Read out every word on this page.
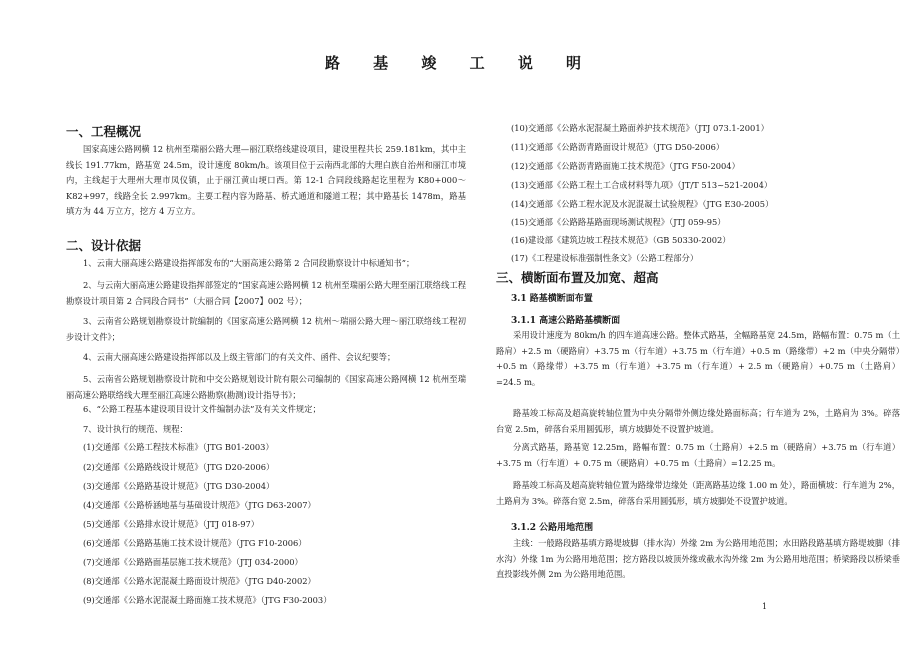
路 基 竣 工 说 明
一、工程概况

国家高速公路网横 12 杭州至瑞丽公路大理—丽江联络线建设项目，建设里程共长 259.181km，其中主线长 191.77km，路基宽 24.5m，设计速度 80km/h。该项目位于云南西北部的大理白族自治州和丽江市境内，主线起于大理州大理市凤仪镇，止于丽江黄山埂口西。第 12-1 合同段线路起讫里程为 K80+000～K82+997，线路全长 2.997km。主要工程内容为路基、桥式通道和隧道工程；其中路基长 1478m，路基填方为 44 万立方，挖方 4 万立方。

二、设计依据

1、云南大丽高速公路建设指挥部发布的“大丽高速公路第 2 合同段勘察设计中标通知书”；

2、与云南大丽高速公路建设指挥部签定的“国家高速公路网横 12 杭州至瑞丽公路大理至丽江联络线工程勘察设计项目第 2 合同段合同书”（大丽合同【2007】002 号）；

3、云南省公路规划勘察设计院编制的《国家高速公路网横 12 杭州～瑞丽公路大理～丽江联络线工程初步设计文件》；

4、云南大丽高速公路建设指挥部以及上级主管部门的有关文件、函件、会议纪要等；

5、云南省公路规划勘察设计院和中交公路规划设计院有限公司编制的《国家高速公路网横 12 杭州至瑞丽高速公路联络线大理至丽江高速公路勘察(勘测)设计指导书》；

6、“公路工程基本建设项目设计文件编制办法”及有关文件规定；

7、设计执行的规范、规程：

(1)交通部《公路工程技术标准》（JTG B01-2003）
(2)交通部《公路路线设计规范》（JTG D20-2006）
(3)交通部《公路路基设计规范》（JTG D30-2004）
(4)交通部《公路桥涵地基与基础设计规范》（JTG D63-2007）
(5)交通部《公路排水设计规范》（JTJ 018-97）
(6)交通部《公路路基施工技术设计规范》（JTG F10-2006）
(7)交通部《公路路面基层施工技术规范》（JTJ 034-2000）
(8)交通部《公路水泥混凝土路面设计规范》（JTG D40-2002）
(9)交通部《公路水泥混凝土路面施工技术规范》（JTG F30-2003）
(10)交通部《公路水泥混凝土路面养护技术规范》（JTJ 073.1-2001）
(11)交通部《公路沥青路面设计规范》（JTG D50-2006）
(12)交通部《公路沥青路面施工技术规范》（JTG F50-2004）
(13)交通部《公路工程土工合成材料等九项》（JT/T 513~521-2004）
(14)交通部《公路工程水泥及水泥混凝土试验规程》（JTG E30-2005）
(15)交通部《公路路基路面现场测试规程》（JTJ 059-95）
(16)建设部《建筑边坡工程技术规范》（GB 50330-2002）
(17)《工程建设标准强制性条文》（公路工程部分）
三、横断面布置及加宽、超高
3.1 路基横断面布置
3.1.1 高速公路路基横断面

采用设计速度为 80km/h 的四车道高速公路。整体式路基，全幅路基宽 24.5m，路幅布置：0.75 m（土路肩）+2.5 m（硬路肩）+3.75 m（行车道）+3.75 m（行车道）+0.5 m（路缘带）+2 m（中央分隔带）+0.5 m（路缘带）+3.75 m（行车道）+3.75 m（行车道）+ 2.5 m（硬路肩）+0.75 m（土路肩）=24.5 m。

路基竣工标高及超高旋转轴位置为中央分隔带外侧边缘处路面标高；行车道为 2%，土路肩为 3%。碎落台宽 2.5m，碎落台采用圆弧形，填方坡脚处不设置护坡道。

分离式路基，路基宽 12.25m，路幅布置：0.75 m（土路肩）+2.5 m（硬路肩）+3.75 m（行车道）+3.75 m（行车道）+ 0.75 m（硬路肩）+0.75 m（土路肩）=12.25 m。

路基竣工标高及超高旋转轴位置为路缘带边缘处（距离路基边缘 1.00 m 处），路面横坡：行车道为 2%，土路肩为 3%。碎落台宽 2.5m，碎落台采用圆弧形，填方坡脚处不设置护坡道。

3.1.2 公路用地范围

主线：一般路段路基填方路堤坡脚（排水沟）外缘 2m 为公路用地范围；水田路段路基填方路堤坡脚（排水沟）外缘 1m 为公路用地范围；挖方路段以坡顶外缘或截水沟外缘 2m 为公路用地范围；桥梁路段以桥梁垂直投影线外侧 2m 为公路用地范围。

1
